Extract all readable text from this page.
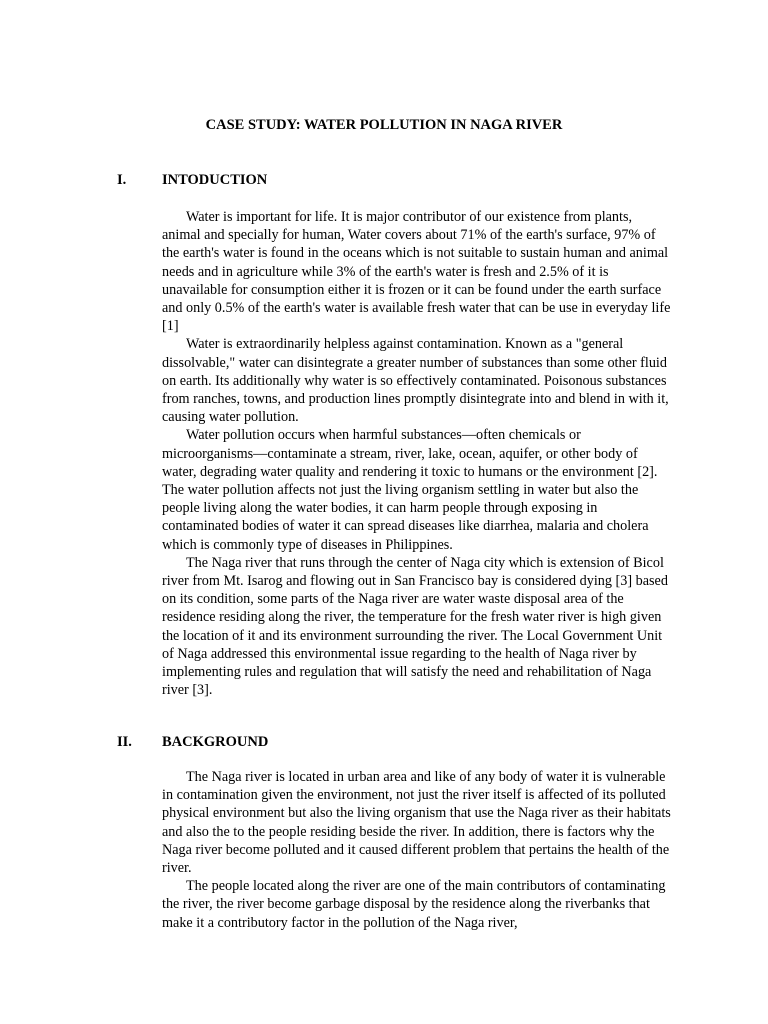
CASE STUDY: WATER POLLUTION IN NAGA RIVER
I. INTODUCTION

Water is important for life. It is major contributor of our existence from plants, animal and specially for human, Water covers about 71% of the earth's surface, 97% of the earth's water is found in the oceans which is not suitable to sustain human and animal needs and in agriculture while 3% of the earth's water is fresh and 2.5% of it is unavailable for consumption either it is frozen or it can be found under the earth surface and only 0.5% of the earth's water is available fresh water that can be use in everyday life [1]

Water is extraordinarily helpless against contamination. Known as a "general dissolvable," water can disintegrate a greater number of substances than some other fluid on earth. Its additionally why water is so effectively contaminated. Poisonous substances from ranches, towns, and production lines promptly disintegrate into and blend in with it, causing water pollution.

Water pollution occurs when harmful substances—often chemicals or microorganisms—contaminate a stream, river, lake, ocean, aquifer, or other body of water, degrading water quality and rendering it toxic to humans or the environment [2]. The water pollution affects not just the living organism settling in water but also the people living along the water bodies, it can harm people through exposing in contaminated bodies of water it can spread diseases like diarrhea, malaria and cholera which is commonly type of diseases in Philippines.

The Naga river that runs through the center of Naga city which is extension of Bicol river from Mt. Isarog and flowing out in San Francisco bay is considered dying [3] based on its condition, some parts of the Naga river are water waste disposal area of the residence residing along the river, the temperature for the fresh water river is high given the location of it and its environment surrounding the river. The Local Government Unit of Naga addressed this environmental issue regarding to the health of Naga river by implementing rules and regulation that will satisfy the need and rehabilitation of Naga river [3].

II. BACKGROUND

The Naga river is located in urban area and like of any body of water it is vulnerable in contamination given the environment, not just the river itself is affected of its polluted physical environment but also the living organism that use the Naga river as their habitats and also the to the people residing beside the river. In addition, there is factors why the Naga river become polluted and it caused different problem that pertains the health of the river.

The people located along the river are one of the main contributors of contaminating the river, the river become garbage disposal by the residence along the riverbanks that make it a contributory factor in the pollution of the Naga river,
